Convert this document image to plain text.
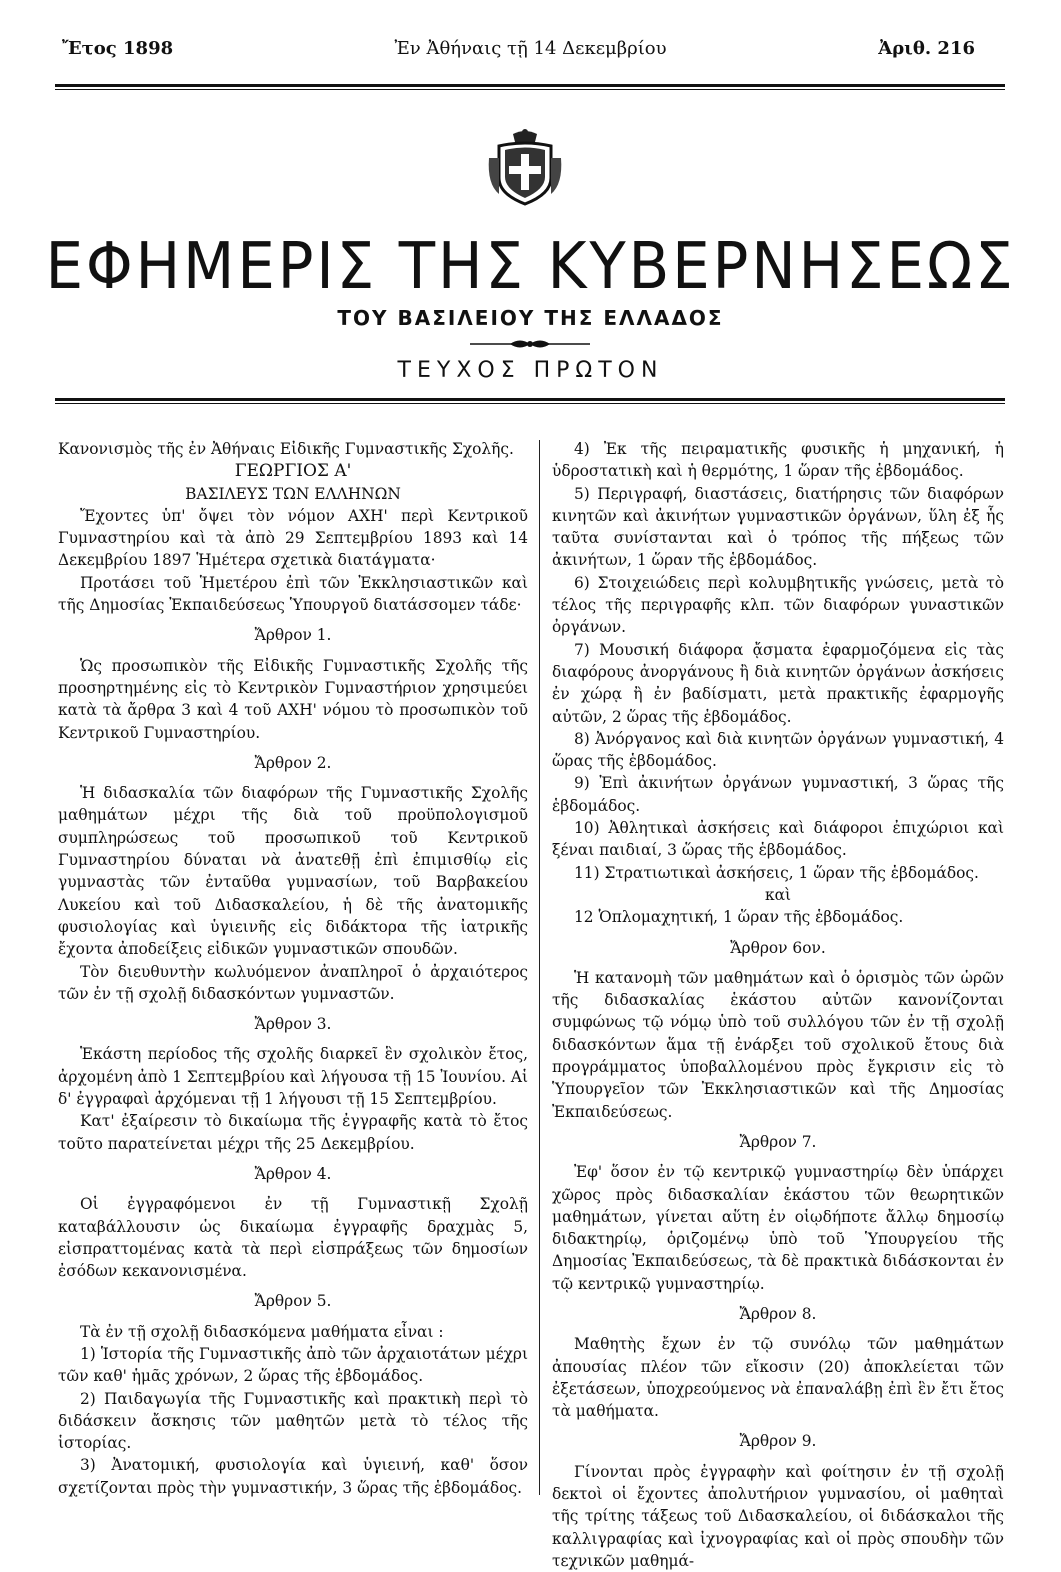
Ἔτος 1898	Ἐν Ἀθήναις τῇ 14 Δεκεμβρίου	Ἀριθ. 216
ΕΦΗΜΕΡΙΣ ΤΗΣ ΚΥΒΕΡΝΗΣΕΩΣ
ΤΟΥ ΒΑΣΙΛΕΙΟΥ ΤΗΣ ΕΛΛΑΔΟΣ
ΤΕΥΧΟΣ ΠΡΩΤΟΝ

Κανονισμὸς τῆς ἐν Ἀθήναις Εἰδικῆς Γυμναστικῆς Σχολῆς.

ΓΕΩΡΓΙΟΣ Α'

ΒΑΣΙΛΕΥΣ ΤΩΝ ΕΛΛΗΝΩΝ

Ἔχοντες ὑπ' ὄψει τὸν νόμον ΑΧΗ' περὶ Κεντρικοῦ Γυμναστηρίου καὶ τὰ ἀπὸ 29 Σεπτεμβρίου 1893 καὶ 14 Δεκεμβρίου 1897 Ἡμέτερα σχετικὰ διατάγματα·

Προτάσει τοῦ Ἡμετέρου ἐπὶ τῶν Ἐκκλησιαστικῶν καὶ τῆς Δημοσίας Ἐκπαιδεύσεως Ὑπουργοῦ διατάσσομεν τάδε·

Ἄρθρον 1.

Ὡς προσωπικὸν τῆς Εἰδικῆς Γυμναστικῆς Σχολῆς τῆς προσηρτημένης εἰς τὸ Κεντρικὸν Γυμναστήριον χρησιμεύει κατὰ τὰ ἄρθρα 3 καὶ 4 τοῦ ΑΧΗ' νόμου τὸ προσωπικὸν τοῦ Κεντρικοῦ Γυμναστηρίου.

Ἄρθρον 2.

Ἡ διδασκαλία τῶν διαφόρων τῆς Γυμναστικῆς Σχολῆς μαθημάτων μέχρι τῆς διὰ τοῦ προϋπολογισμοῦ συμπληρώσεως τοῦ προσωπικοῦ τοῦ Κεντρικοῦ Γυμναστηρίου δύναται νὰ ἀνατεθῇ ἐπὶ ἐπιμισθίῳ εἰς γυμναστὰς τῶν ἐνταῦθα γυμνασίων, τοῦ Βαρβακείου Λυκείου καὶ τοῦ Διδασκαλείου, ἡ δὲ τῆς ἀνατομικῆς φυσιολογίας καὶ ὑγιεινῆς εἰς διδάκτορα τῆς ἰατρικῆς ἔχοντα ἀποδείξεις εἰδικῶν γυμναστικῶν σπουδῶν.

Τὸν διευθυντὴν κωλυόμενον ἀναπληροῖ ὁ ἀρχαιότερος τῶν ἐν τῇ σχολῇ διδασκόντων γυμναστῶν.

Ἄρθρον 3.

Ἑκάστη περίοδος τῆς σχολῆς διαρκεῖ ἓν σχολικὸν ἔτος, ἀρχομένη ἀπὸ 1 Σεπτεμβρίου καὶ λήγουσα τῇ 15 Ἰουνίου. Αἱ δ' ἐγγραφαὶ ἀρχόμεναι τῇ 1 λήγουσι τῇ 15 Σεπτεμβρίου.

Κατ' ἐξαίρεσιν τὸ δικαίωμα τῆς ἐγγραφῆς κατὰ τὸ ἔτος τοῦτο παρατείνεται μέχρι τῆς 25 Δεκεμβρίου.

Ἄρθρον 4.

Οἱ ἐγγραφόμενοι ἐν τῇ Γυμναστικῇ Σχολῇ καταβάλλουσιν ὡς δικαίωμα ἐγγραφῆς δραχμὰς 5, εἰσπραττομένας κατὰ τὰ περὶ εἰσπράξεως τῶν δημοσίων ἐσόδων κεκανονισμένα.

Ἄρθρον 5.

Τὰ ἐν τῇ σχολῇ διδασκόμενα μαθήματα εἶναι :

1) Ἱστορία τῆς Γυμναστικῆς ἀπὸ τῶν ἀρχαιοτάτων μέχρι τῶν καθ' ἡμᾶς χρόνων, 2 ὥρας τῆς ἑβδομάδος.

2) Παιδαγωγία τῆς Γυμναστικῆς καὶ πρακτικὴ περὶ τὸ διδάσκειν ἄσκησις τῶν μαθητῶν μετὰ τὸ τέλος τῆς ἱστορίας.

3) Ἀνατομική, φυσιολογία καὶ ὑγιεινή, καθ' ὅσον σχετίζονται πρὸς τὴν γυμναστικήν, 3 ὥρας τῆς ἑβδομάδος.

4) Ἐκ τῆς πειραματικῆς φυσικῆς ἡ μηχανική, ἡ ὑδροστατικὴ καὶ ἡ θερμότης, 1 ὥραν τῆς ἑβδομάδος.

5) Περιγραφή, διαστάσεις, διατήρησις τῶν διαφόρων κινητῶν καὶ ἀκινήτων γυμναστικῶν ὀργάνων, ὕλη ἐξ ἧς ταῦτα συνίστανται καὶ ὁ τρόπος τῆς πήξεως τῶν ἀκινήτων, 1 ὥραν τῆς ἑβδομάδος.

6) Στοιχειώδεις περὶ κολυμβητικῆς γνώσεις, μετὰ τὸ τέλος τῆς περιγραφῆς κλπ. τῶν διαφόρων γυναστικῶν ὀργάνων.

7) Μουσική διάφορα ᾄσματα ἐφαρμοζόμενα εἰς τὰς διαφόρους ἀνοργάνους ἢ διὰ κινητῶν ὀργάνων ἀσκήσεις ἐν χώρᾳ ἢ ἐν βαδίσματι, μετὰ πρακτικῆς ἐφαρμογῆς αὐτῶν, 2 ὥρας τῆς ἑβδομάδος.

8) Ἀνόργανος καὶ διὰ κινητῶν ὀργάνων γυμναστική, 4 ὥρας τῆς ἑβδομάδος.

9) Ἐπὶ ἀκινήτων ὀργάνων γυμναστική, 3 ὥρας τῆς ἑβδομάδος.

10) Ἀθλητικαὶ ἀσκήσεις καὶ διάφοροι ἐπιχώριοι καὶ ξέναι παιδιαί, 3 ὥρας τῆς ἑβδομάδος.

11) Στρατιωτικαὶ ἀσκήσεις, 1 ὥραν τῆς ἑβδομάδος.

καὶ

12 Ὁπλομαχητική, 1 ὥραν τῆς ἑβδομάδος.

Ἄρθρον 6ον.

Ἡ κατανομὴ τῶν μαθημάτων καὶ ὁ ὁρισμὸς τῶν ὡρῶν τῆς διδασκαλίας ἑκάστου αὐτῶν κανονίζονται συμφώνως τῷ νόμῳ ὑπὸ τοῦ συλλόγου τῶν ἐν τῇ σχολῇ διδασκόντων ἅμα τῇ ἐνάρξει τοῦ σχολικοῦ ἔτους διὰ προγράμματος ὑποβαλλομένου πρὸς ἔγκρισιν εἰς τὸ Ὑπουργεῖον τῶν Ἐκκλησιαστικῶν καὶ τῆς Δημοσίας Ἐκπαιδεύσεως.

Ἄρθρον 7.

Ἐφ' ὅσον ἐν τῷ κεντρικῷ γυμναστηρίῳ δὲν ὑπάρχει χῶρος πρὸς διδασκαλίαν ἑκάστου τῶν θεωρητικῶν μαθημάτων, γίνεται αὕτη ἐν οἱῳδήποτε ἄλλῳ δημοσίῳ διδακτηρίῳ, ὁριζομένῳ ὑπὸ τοῦ Ὑπουργείου τῆς Δημοσίας Ἐκπαιδεύσεως, τὰ δὲ πρακτικὰ διδάσκονται ἐν τῷ κεντρικῷ γυμναστηρίῳ.

Ἄρθρον 8.

Μαθητὴς ἔχων ἐν τῷ συνόλῳ τῶν μαθημάτων ἀπουσίας πλέον τῶν εἴκοσιν (20) ἀποκλείεται τῶν ἐξετάσεων, ὑποχρεούμενος νὰ ἐπαναλάβῃ ἐπὶ ἓν ἔτι ἔτος τὰ μαθήματα.

Ἄρθρον 9.

Γίνονται πρὸς ἐγγραφὴν καὶ φοίτησιν ἐν τῇ σχολῇ δεκτοὶ οἱ ἔχοντες ἀπολυτήριον γυμνασίου, οἱ μαθηταὶ τῆς τρίτης τάξεως τοῦ Διδασκαλείου, οἱ διδάσκαλοι τῆς καλλιγραφίας καὶ ἰχνογραφίας καὶ οἱ πρὸς σπουδὴν τῶν τεχνικῶν μαθημά-
